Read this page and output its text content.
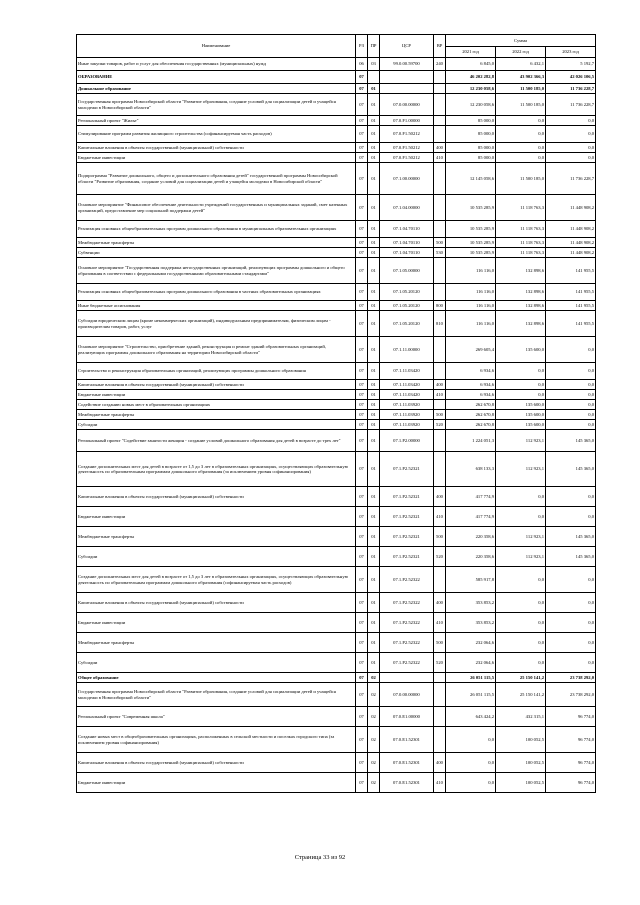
Наименование	РЗ	ПР	ЦСР	ВР	Сумма		
					2021 год	2022 год	2023 год
Иные закупки товаров, работ и услуг для обеспечения государственных (муниципальных) нужд	06	03	99.0.00.59700	240	6 845,0	6 432,1	5 192,7
ОБРАЗОВАНИЕ	07				46 202 282,8	43 902 366,3	42 026 106,5
Дошкольное образование	07	01			12 230 058,6	11 500 185,0	11 736 228,7
Государственная программа Новосибирской области "Развитие образования, создание условий для социализации детей и учащейся молодежи в Новосибирской области"	07	01	07.0.00.00000		12 230 058,6	11 500 185,0	11 736 228,7
Региональный проект "Жилье"	07	01	07.0.F1.00000		85 000,0	0,0	0,0
Стимулирование программ развития жилищного строительства (софинансируемая часть расходов)	07	01	07.0.F1.50212		85 000,0	0,0	0,0
Капитальные вложения в объекты государственной (муниципальной) собственности	07	01	07.0.F1.50212	400	85 000,0	0,0	0,0
Бюджетные инвестиции	07	01	07.0.F1.50212	410	85 000,0	0,0	0,0
Подпрограмма "Развитие дошкольного, общего и дополнительного образования детей" государственной программы Новосибирской области "Развитие образования, создание условий для социализации детей и учащейся молодежи в Новосибирской области"	07	01	07.1.00.00000		12 145 058,6	11 500 185,0	11 736 228,7
Основное мероприятие "Финансовое обеспечение деятельности учреждений государственных и муниципальных заданий, смет казенных организаций, предоставление мер социальной поддержки детей"	07	01	07.1.04.00000		10 535 285,9	11 118 763,3	11 448 908,2
Реализация основных общеобразовательных программ дошкольного образования в муниципальных образовательных организациях	07	01	07.1.04.70110		10 535 285,9	11 118 763,3	11 448 908,2
Межбюджетные трансферты	07	01	07.1.04.70110	500	10 535 285,9	11 118 763,3	11 448 908,2
Субвенции	07	01	07.1.04.70110	530	10 535 285,9	11 118 763,3	11 448 908,2
Основное мероприятие "Государственная поддержка негосударственных организаций, реализующих программы дошкольного и общего образования в соответствии с федеральными государственными образовательными стандартами"	07	01	07.1.05.00000		116 116,0	132 898,6	141 955,5
Реализация основных общеобразовательных программ дошкольного образования в частных образовательных организациях	07	01	07.1.05.20120		116 116,0	132 898,6	141 955,5
Иные бюджетные ассигнования	07	01	07.1.05.20120	800	116 116,0	132 898,6	141 955,5
Субсидии юридическим лицам (кроме некоммерческих организаций), индивидуальным предпринимателям, физическим лицам - производителям товаров, работ, услуг	07	01	07.1.05.20120	810	116 116,0	132 898,6	141 955,5
Основное мероприятие "Строительство, приобретение зданий, реконструкция и ремонт зданий образовательных организаций, реализующих программы дошкольного образования на территории Новосибирской области"	07	01	07.1.11.00000		269 605,4	135 600,0	0,0
Строительство и реконструкция образовательных организаций, реализующих программы дошкольного образования	07	01	07.1.11.03420		6 934,6	0,0	0,0
Капитальные вложения в объекты государственной (муниципальной) собственности	07	01	07.1.11.03420	400	6 934,6	0,0	0,0
Бюджетные инвестиции	07	01	07.1.11.03420	410	6 934,6	0,0	0,0
Содействие созданию новых мест в образовательных организациях	07	01	07.1.11.03920		262 670,8	135 600,0	0,0
Межбюджетные трансферты	07	01	07.1.11.03920	500	262 670,8	135 600,0	0,0
Субсидии	07	01	07.1.11.03920	520	262 670,8	135 600,0	0,0
Региональный проект "Содействие занятости женщин - создание условий дошкольного образования для детей в возрасте до трех лет"	07	01	07.1.P2.00000		1 224 051,3	112 923,1	145 365,0
Создание дополнительных мест для детей в возрасте от 1,5 до 3 лет в образовательных организациях, осуществляющих образовательную деятельность по образовательным программам дошкольного образования (за исключением уровня софинансирования)	07	01	07.1.P2.52321		638 133,3	112 923,1	145 365,0
Капитальные вложения в объекты государственной (муниципальной) собственности	07	01	07.1.P2.52321	400	417 774,9	0,0	0,0
Бюджетные инвестиции	07	01	07.1.P2.52321	410	417 774,9	0,0	0,0
Межбюджетные трансферты	07	01	07.1.P2.52321	500	220 358,6	112 923,1	145 365,0
Субсидии	07	01	07.1.P2.52321	520	220 358,6	112 923,1	145 365,0
Создание дополнительных мест для детей в возрасте от 1,5 до 3 лет в образовательных организациях, осуществляющих образовательную деятельность по образовательным программам дошкольного образования (софинансируемая часть расходов)	07	01	07.1.P2.52322		585 917,8	0,0	0,0
Капитальные вложения в объекты государственной (муниципальной) собственности	07	01	07.1.P2.52322	400	353 853,2	0,0	0,0
Бюджетные инвестиции	07	01	07.1.P2.52322	410	353 853,2	0,0	0,0
Межбюджетные трансферты	07	01	07.1.P2.52322	500	232 064,6	0,0	0,0
Субсидии	07	01	07.1.P2.52322	520	232 064,6	0,0	0,0
Общее образование	07	02			26 051 115,5	25 150 141,2	23 738 292,0
Государственная программа Новосибирской области "Развитие образования, создание условий для социализации детей и учащейся молодежи в Новосибирской области"	07	02	07.0.00.00000		26 051 115,5	25 150 141,2	23 738 292,0
Региональный проект "Современная школа"	07	02	07.0.E1.00000		643 424,2	432 315,1	96 774,0
Создание новых мест в общеобразовательных организациях, расположенных в сельской местности и поселках городского типа (за исключением уровня софинансирования)	07	02	07.0.E1.52301		0,0	100 052,5	96 774,0
Капитальные вложения в объекты государственной (муниципальной) собственности	07	02	07.0.E1.52301	400	0,0	100 052,5	96 774,0
Бюджетные инвестиции	07	02	07.0.E1.52301	410	0,0	100 052,5	96 774,0
Страница 33 из 92
